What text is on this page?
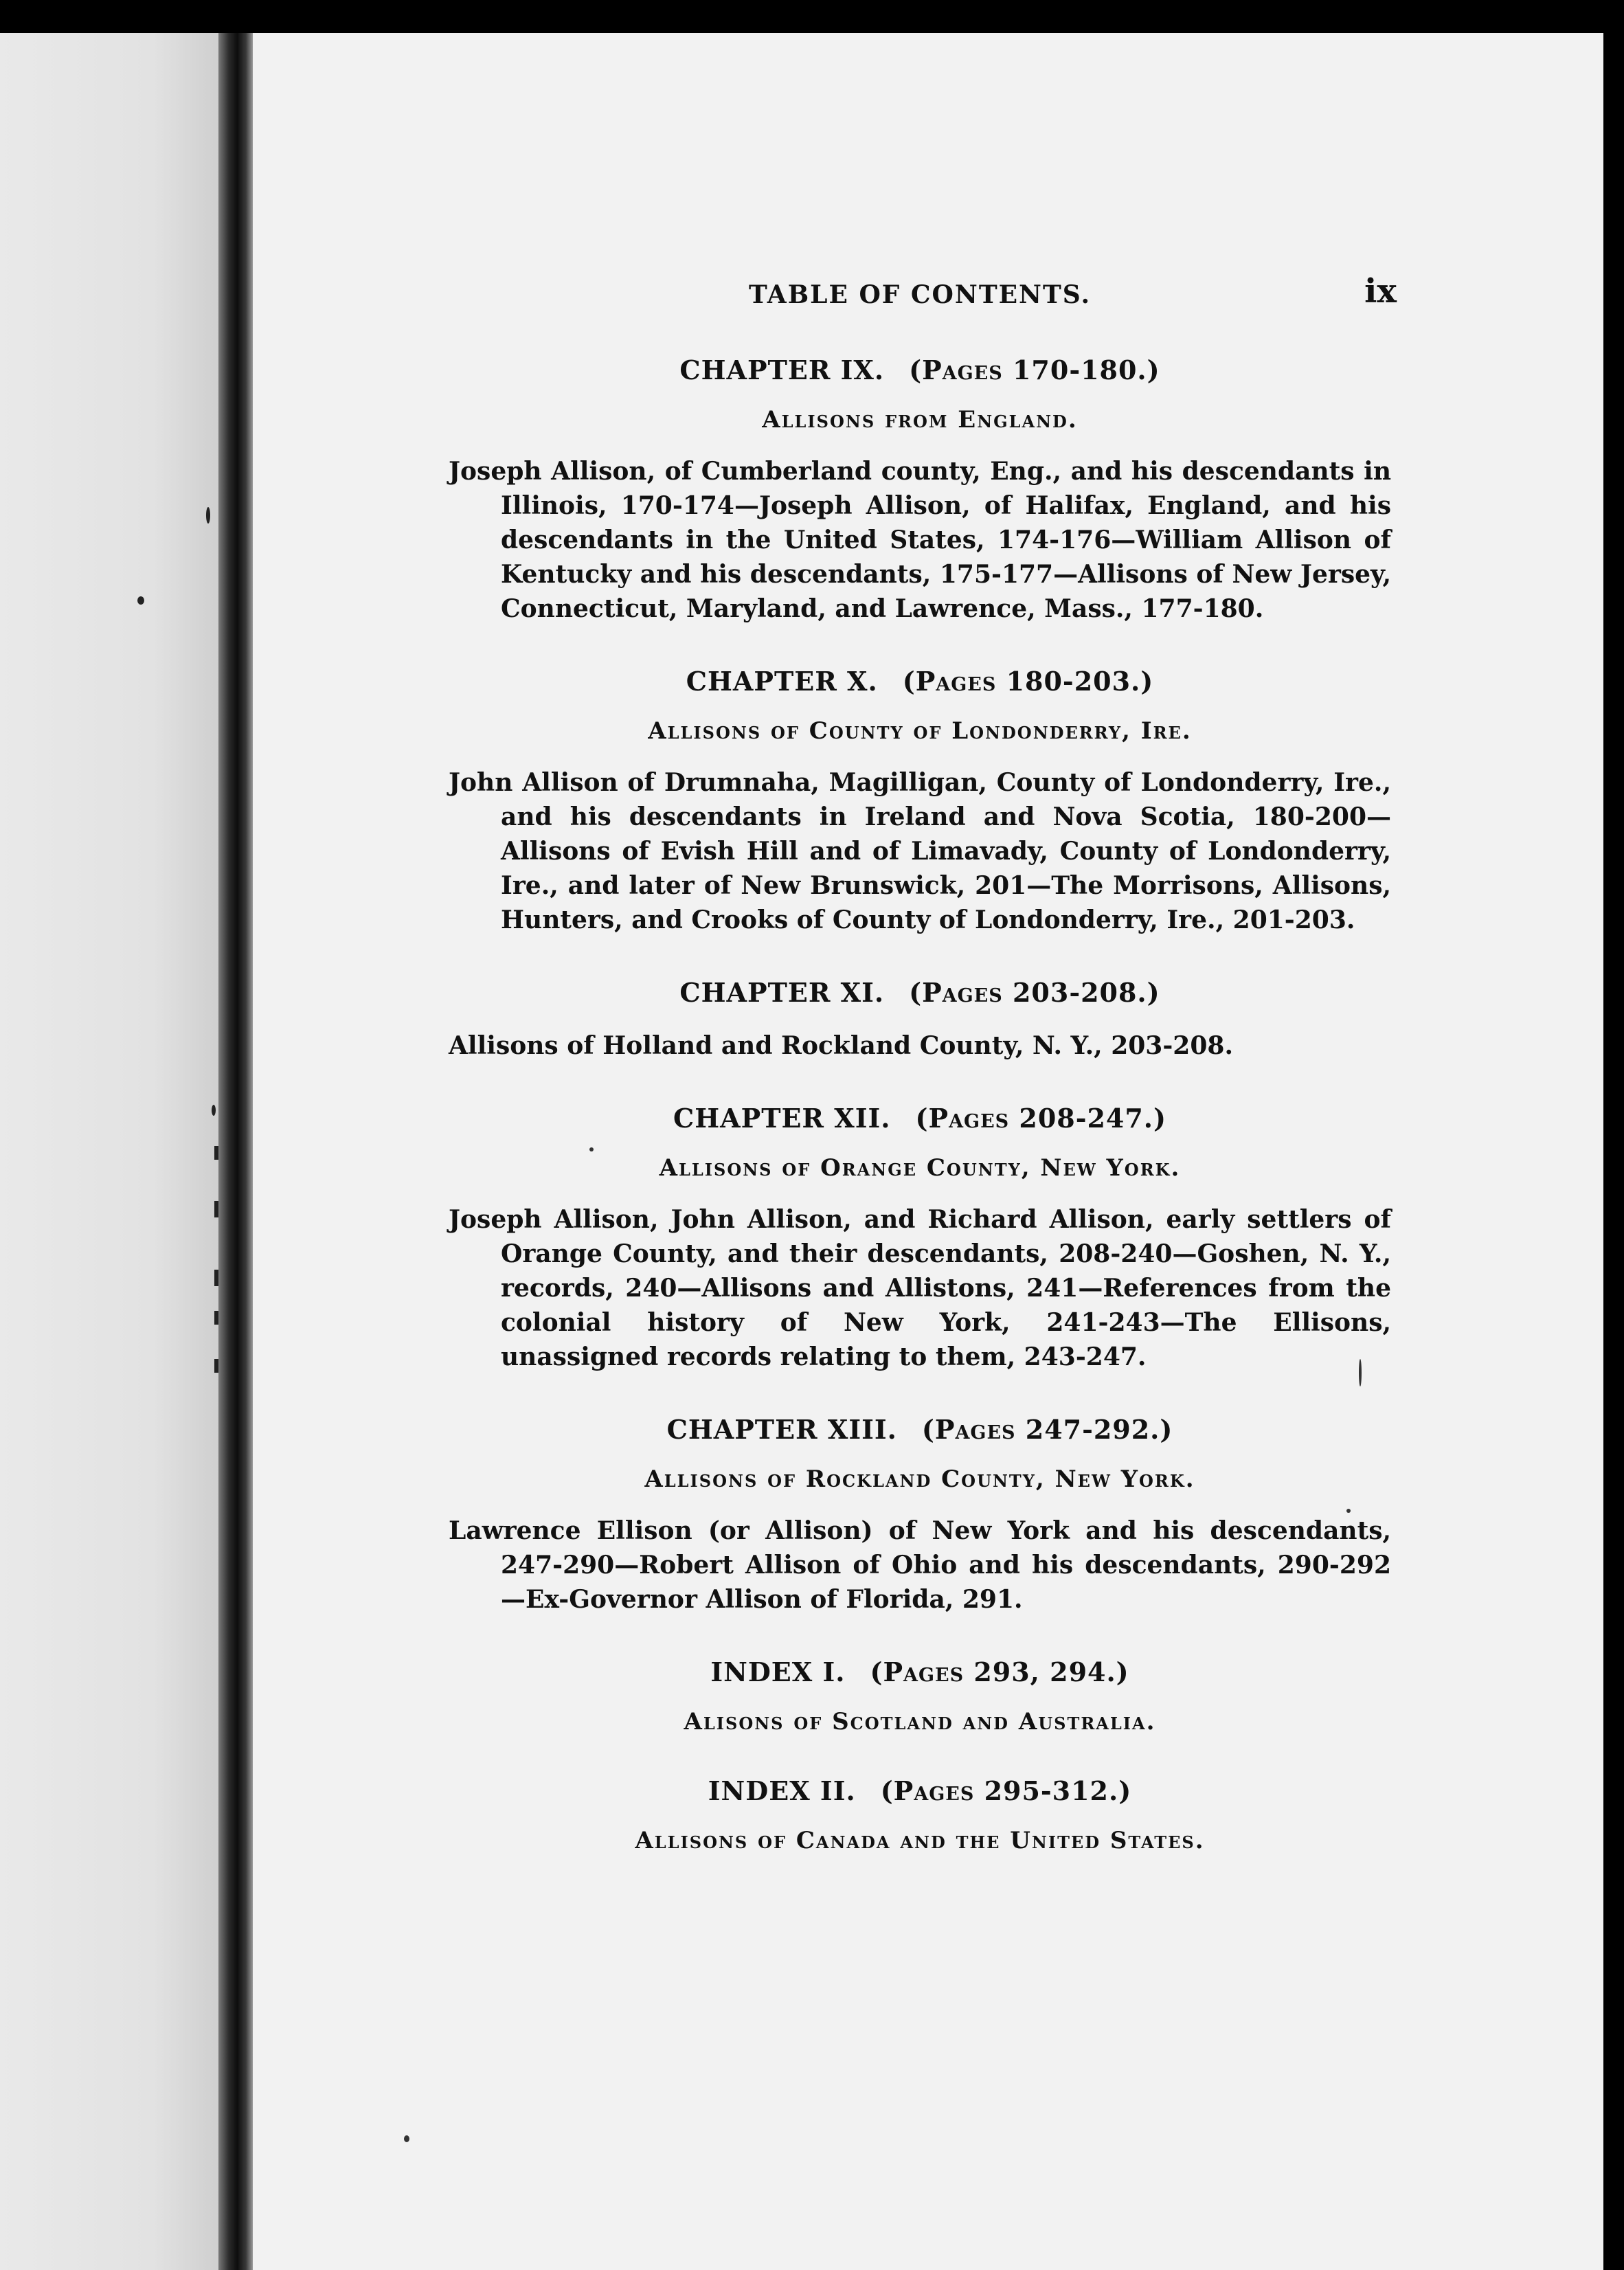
TABLE OF CONTENTS.	ix
CHAPTER IX. (Pages 170-180.)
Allisons from England.
Joseph Allison, of Cumberland county, Eng., and his descendants in Illinois, 170-174—Joseph Allison, of Halifax, England, and his descendants in the United States, 174-176—William Allison of Kentucky and his descendants, 175-177—Allisons of New Jersey, Connecticut, Maryland, and Lawrence, Mass., 177-180.
CHAPTER X. (Pages 180-203.)
Allisons of County of Londonderry, Ire.
John Allison of Drumnaha, Magilligan, County of Londonderry, Ire., and his descendants in Ireland and Nova Scotia, 180-200—Allisons of Evish Hill and of Limavady, County of Londonderry, Ire., and later of New Brunswick, 201—The Morrisons, Allisons, Hunters, and Crooks of County of Londonderry, Ire., 201-203.
CHAPTER XI. (Pages 203-208.)
Allisons of Holland and Rockland County, N. Y., 203-208.
CHAPTER XII. (Pages 208-247.)
Allisons of Orange County, New York.
Joseph Allison, John Allison, and Richard Allison, early settlers of Orange County, and their descendants, 208-240—Goshen, N. Y., records, 240—Allisons and Allistons, 241—References from the colonial history of New York, 241-243—The Ellisons, unassigned records relating to them, 243-247.
CHAPTER XIII. (Pages 247-292.)
Allisons of Rockland County, New York.
Lawrence Ellison (or Allison) of New York and his descendants, 247-290—Robert Allison of Ohio and his descendants, 290-292—Ex-Governor Allison of Florida, 291.
INDEX I. (Pages 293, 294.)
Alisons of Scotland and Australia.
INDEX II. (Pages 295-312.)
Allisons of Canada and the United States.
